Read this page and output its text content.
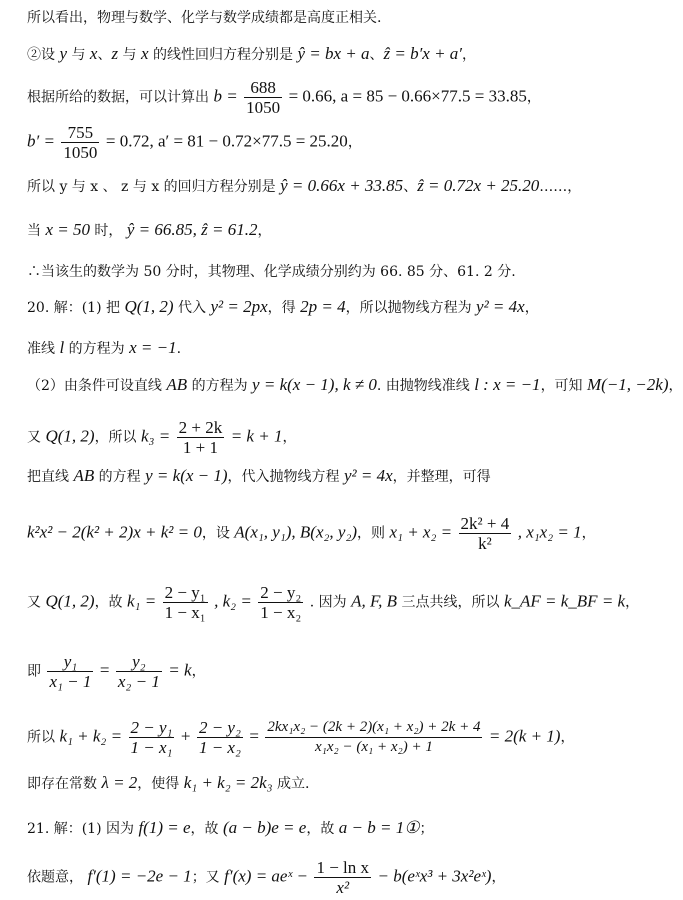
所以看出，物理与数学、化学与数学成绩都是高度正相关.
②设 y 与 x、z 与 x 的线性回归方程分别是 ŷ = bx + a、ẑ = b′x + a′，
根据所给的数据，可以计算出 $b = \frac{688}{1050} = 0.66$, a = 85 − 0.66×77.5 = 33.85，
$b' = \frac{755}{1050} = 0.72$, a′ = 81 − 0.72×77.5 = 25.20，
所以 y 与 x 、 z 与 x 的回归方程分别是 ŷ = 0.66x + 33.85、ẑ = 0.72x + 25.20……，
当 x = 50 时， ŷ = 66.85, ẑ = 61.2，
∴当该生的数学为 50 分时，其物理、化学成绩分别约为 66. 85 分、61. 2 分.
20. 解：(1) 把 Q(1, 2) 代入 y² = 2px，得 2p = 4，所以抛物线方程为 y² = 4x，
准线 l 的方程为 x = −1.
（2）由条件可设直线 AB 的方程为 y = k(x − 1), k ≠ 0. 由抛物线准线 l : x = −1，可知 M(−1, −2k)，
又 Q(1, 2)，所以 $k_3 = \frac{2 + 2k}{1 + 1} = k + 1$，
把直线 AB 的方程 y = k(x − 1)，代入抛物线方程 y² = 4x，并整理，可得
k²x² − 2(k² + 2)x + k² = 0，设 A(x₁, y₁), B(x₂, y₂)，则 $x_1 + x_2 = \frac{\text{2k² + 4}}{\text{k²}}$ , x₁x₂ = 1，
又 Q(1, 2)，故 $k_1 = \frac{\text{2 − y₁}}{\text{1 − x₁}}$ , $k_2 = \frac{\text{2 − y₂}}{\text{1 − x₂}}$ . 因为 A, F, B 三点共线，所以 k_AF = k_BF = k，
即 $\frac{\text{y₁}}{\text{x₁ − 1}} = \frac{\text{y₂}}{\text{x₂ − 1}} = k$，
所以 $k_1 + k_2 = \frac{\text{2 − y₁}}{\text{1 − x₁}} + \frac{\text{2 − y₂}}{\text{1 − x₂}} = \frac{\text{2kx₁x₂ − (2k + 2)(x₁ + x₂) + 2k + 4}}{\text{x₁x₂ − (x₁ + x₂) + 1}} = 2(k + 1)$，
即存在常数 λ = 2，使得 k₁ + k₂ = 2k₃ 成立.
21. 解：(1) 因为 f(1) = e，故 (a − b)e = e，故 a − b = 1①；
依题意， f′(1) = −2e − 1；又 f′(x) = aeˣ − $\frac{\text{1 − ln x}}{\text{x²}}$ − b(eˣx³ + 3x²eˣ)，
